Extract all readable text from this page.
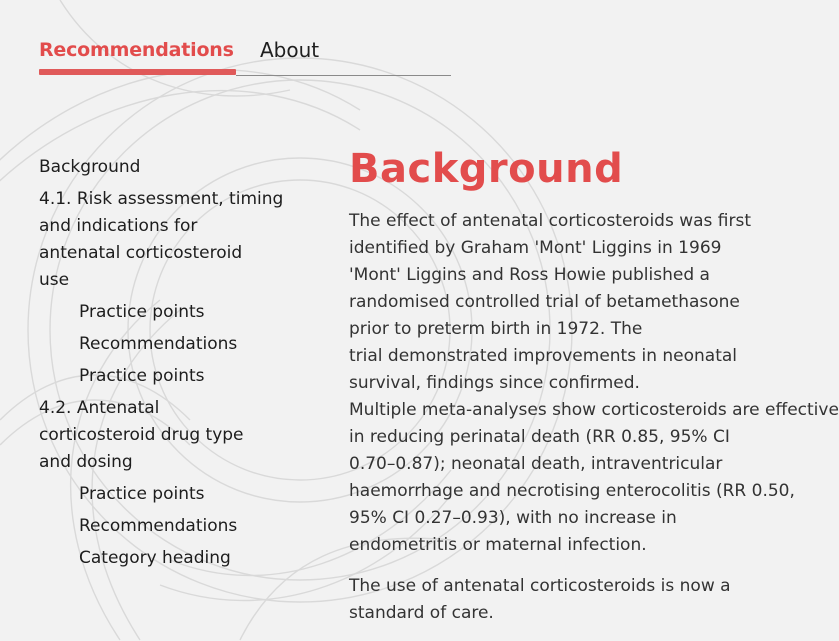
Recommendations About
Background
4.1. Risk assessment, timing
and indications for
antenatal corticosteroid
use
Practice points
Recommendations
Practice points
4.2. Antenatal
corticosteroid drug type
and dosing
Practice points
Recommendations
Category heading
Background
The effect of antenatal corticosteroids was first
identified by Graham 'Mont' Liggins in 1969
'Mont' Liggins and Ross Howie published a
randomised controlled trial of betamethasone
prior to preterm birth in 1972. The
trial demonstrated improvements in neonatal
survival, findings since confirmed.
Multiple meta-analyses show corticosteroids are effective
in reducing perinatal death (RR 0.85, 95% CI
0.70–0.87); neonatal death, intraventricular
haemorrhage and necrotising enterocolitis (RR 0.50,
95% CI 0.27–0.93), with no increase in
endometritis or maternal infection.
The use of antenatal corticosteroids is now a
standard of care.
